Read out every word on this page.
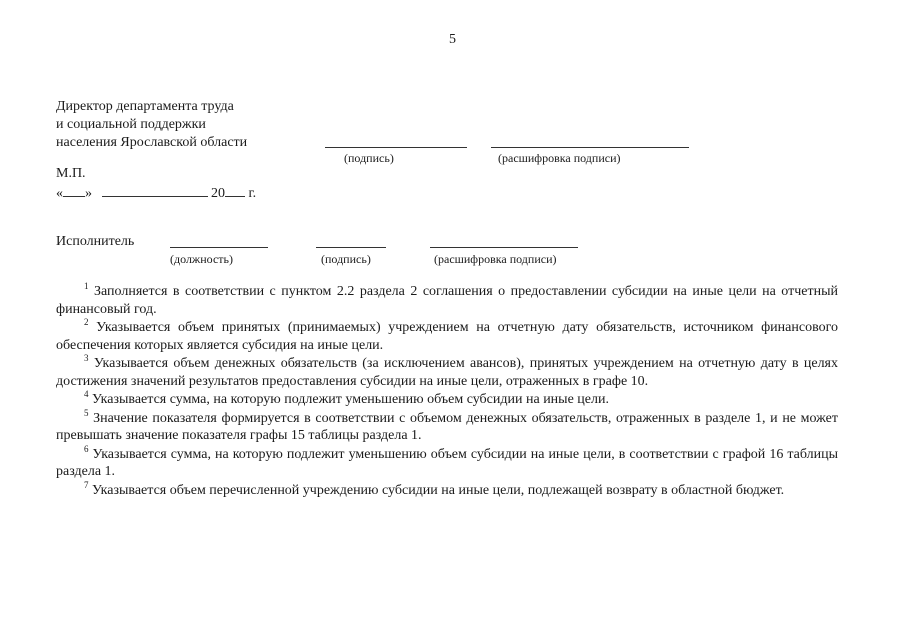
5
Директор департамента труда
и социальной поддержки
населения Ярославской области
(подпись)	(расшифровка подписи)
М.П.
« »	20 г.
Исполнитель
(должность)	(подпись)	(расшифровка подписи)

$^1$ Заполняется в соответствии с пунктом 2.2 раздела 2 соглашения о предоставлении субсидии на иные цели на отчетный финансовый год.

$^2$ Указывается объем принятых (принимаемых) учреждением на отчетную дату обязательств, источником финансового обеспечения которых является субсидия на иные цели.

$^3$ Указывается объем денежных обязательств (за исключением авансов), принятых учреждением на отчетную дату в целях достижения значений результатов предоставления субсидии на иные цели, отраженных в графе 10.

$^4$ Указывается сумма, на которую подлежит уменьшению объем субсидии на иные цели.

$^5$ Значение показателя формируется в соответствии с объемом денежных обязательств, отраженных в разделе 1, и не может превышать значение показателя графы 15 таблицы раздела 1.

$^6$ Указывается сумма, на которую подлежит уменьшению объем субсидии на иные цели, в соответствии с графой 16 таблицы раздела 1.

$^7$ Указывается объем перечисленной учреждению субсидии на иные цели, подлежащей возврату в областной бюджет.
